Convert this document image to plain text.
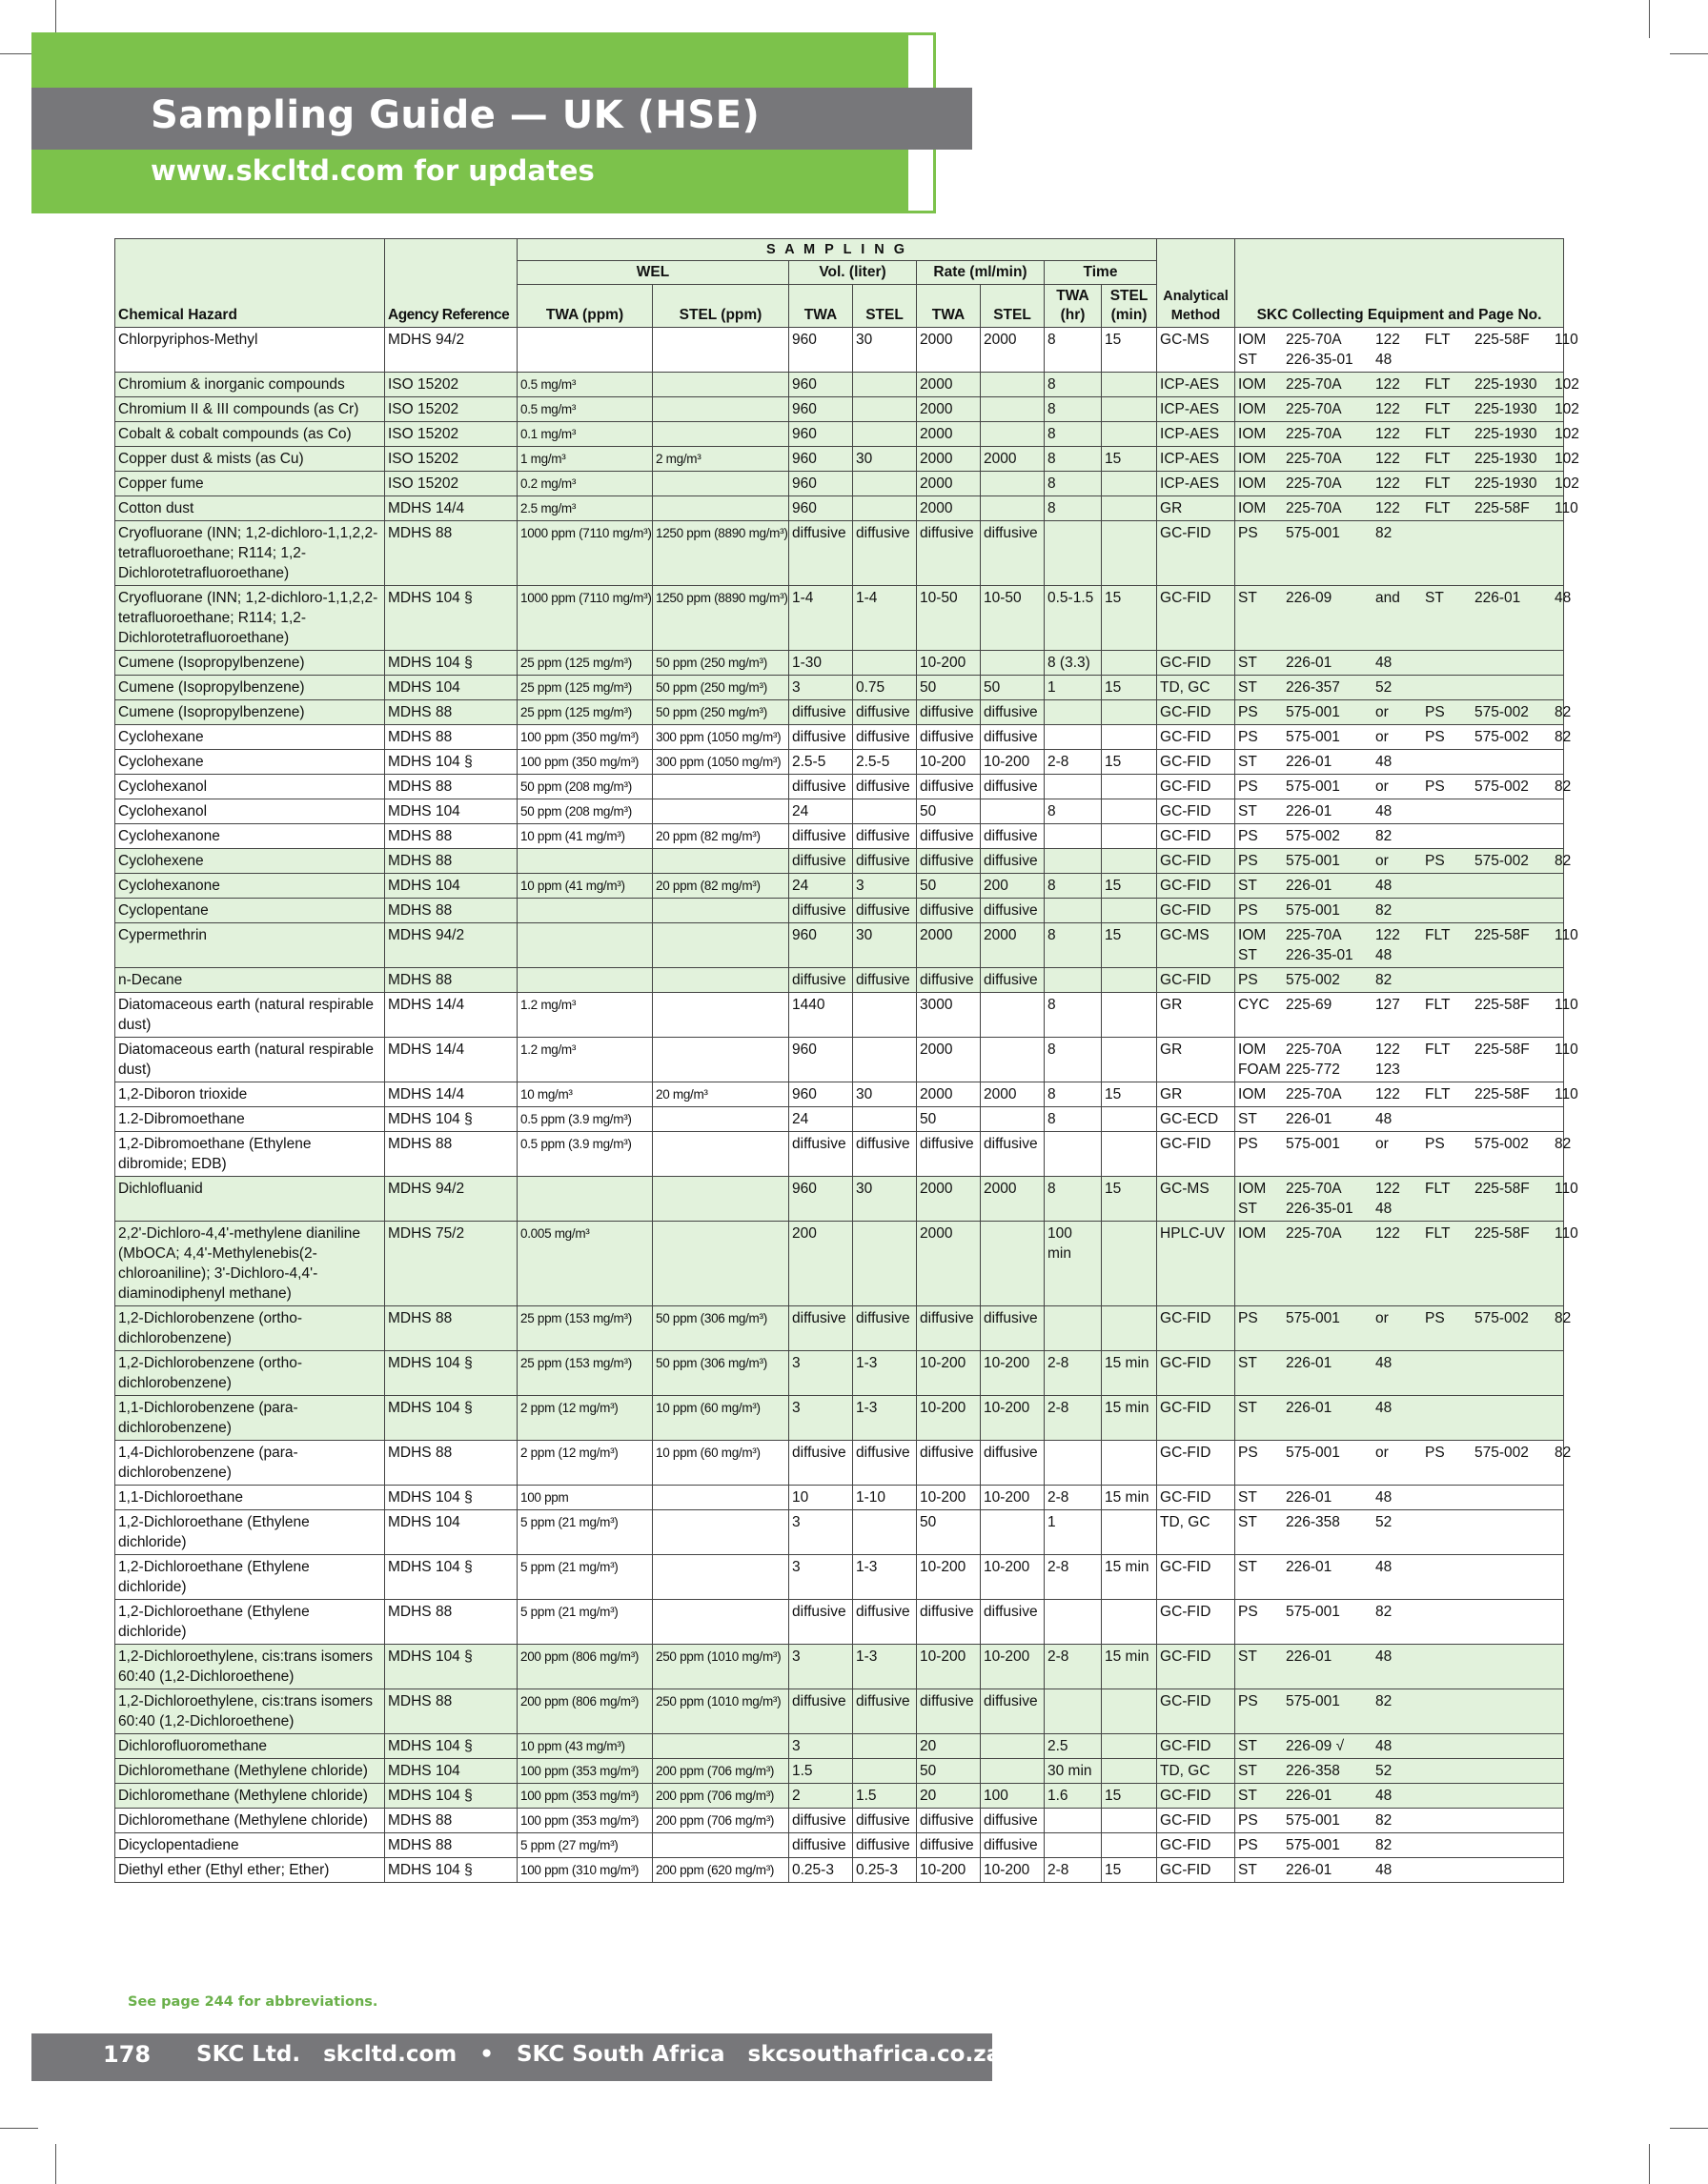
Sampling Guide — UK (HSE)
www.skcltd.com for updates
Chemical Hazard	Agency Reference	S A M P L I N G								Analytical Method	SKC Collecting Equipment and Page No.
		WEL		Vol. (liter)		Rate (ml/min)		Time			
								TWA (hr)	STEL (min)		
		TWA (ppm)	STEL (ppm)	TWA	STEL	TWA	STEL				
Chlorpyriphos-Methyl	MDHS 94/2			960	30	2000	2000	8	15	GC-MS	IOM 225-70A 122 FLT 225-58F 110
ST 226-35-01 48

Chromium & inorganic compounds	ISO 15202	0.5 mg/m³		960		2000		8		ICP-AES	IOM 225-70A 122 FLT 225-1930 102

Chromium II & III compounds (as Cr)	ISO 15202	0.5 mg/m³		960		2000		8		ICP-AES	IOM 225-70A 122 FLT 225-1930 102

Cobalt & cobalt compounds (as Co)	ISO 15202	0.1 mg/m³		960		2000		8		ICP-AES	IOM 225-70A 122 FLT 225-1930 102

Copper dust & mists (as Cu)	ISO 15202	1 mg/m³	2 mg/m³	960	30	2000	2000	8	15	ICP-AES	IOM 225-70A 122 FLT 225-1930 102

Copper fume	ISO 15202	0.2 mg/m³		960		2000		8		ICP-AES	IOM 225-70A 122 FLT 225-1930 102

Cotton dust	MDHS 14/4	2.5 mg/m³		960		2000		8		GR	IOM 225-70A 122 FLT 225-58F 110

Cryofluorane (INN; 1,2-dichloro-1,1,2,2-tetrafluoroethane; R114; 1,2-Dichlorotetrafluoroethane)	MDHS 88	1000 ppm (7110 mg/m³)	1250 ppm (8890 mg/m³)	diffusive	diffusive	diffusive	diffusive			GC-FID	PS 575-001 82

Cryofluorane (INN; 1,2-dichloro-1,1,2,2-tetrafluoroethane; R114; 1,2-Dichlorotetrafluoroethane)	MDHS 104 §	1000 ppm (7110 mg/m³)	1250 ppm (8890 mg/m³)	1-4	1-4	10-50	10-50	0.5-1.5	15	GC-FID	ST 226-09 and ST 226-01 48

Cumene (Isopropylbenzene)	MDHS 104 §	25 ppm (125 mg/m³)	50 ppm (250 mg/m³)	1-30		10-200		8 (3.3)		GC-FID	ST 226-01 48

Cumene (Isopropylbenzene)	MDHS 104	25 ppm (125 mg/m³)	50 ppm (250 mg/m³)	3	0.75	50	50	1	15	TD, GC	ST 226-357 52

Cumene (Isopropylbenzene)	MDHS 88	25 ppm (125 mg/m³)	50 ppm (250 mg/m³)	diffusive	diffusive	diffusive	diffusive			GC-FID	PS 575-001 or PS 575-002 82

Cyclohexane	MDHS 88	100 ppm (350 mg/m³)	300 ppm (1050 mg/m³)	diffusive	diffusive	diffusive	diffusive			GC-FID	PS 575-001 or PS 575-002 82

Cyclohexane	MDHS 104 §	100 ppm (350 mg/m³)	300 ppm (1050 mg/m³)	2.5-5	2.5-5	10-200	10-200	2-8	15	GC-FID	ST 226-01 48

Cyclohexanol	MDHS 88	50 ppm (208 mg/m³)		diffusive	diffusive	diffusive	diffusive			GC-FID	PS 575-001 or PS 575-002 82

Cyclohexanol	MDHS 104	50 ppm (208 mg/m³)		24		50		8		GC-FID	ST 226-01 48

Cyclohexanone	MDHS 88	10 ppm (41 mg/m³)	20 ppm (82 mg/m³)	diffusive	diffusive	diffusive	diffusive			GC-FID	PS 575-002 82

Cyclohexene	MDHS 88			diffusive	diffusive	diffusive	diffusive			GC-FID	PS 575-001 or PS 575-002 82

Cyclohexanone	MDHS 104	10 ppm (41 mg/m³)	20 ppm (82 mg/m³)	24	3	50	200	8	15	GC-FID	ST 226-01 48

Cyclopentane	MDHS 88			diffusive	diffusive	diffusive	diffusive			GC-FID	PS 575-001 82

Cypermethrin	MDHS 94/2			960	30	2000	2000	8	15	GC-MS	IOM 225-70A 122 FLT 225-58F 110
ST 226-35-01 48

n-Decane	MDHS 88			diffusive	diffusive	diffusive	diffusive			GC-FID	PS 575-002 82

Diatomaceous earth (natural respirable dust)	MDHS 14/4	1.2 mg/m³		1440		3000		8		GR	CYC 225-69 127 FLT 225-58F 110

Diatomaceous earth (natural respirable dust)	MDHS 14/4	1.2 mg/m³		960		2000		8		GR	IOM 225-70A 122 FLT 225-58F 110
FOAM 225-772 123

1,2-Diboron trioxide	MDHS 14/4	10 mg/m³	20 mg/m³	960	30	2000	2000	8	15	GR	IOM 225-70A 122 FLT 225-58F 110

1.2-Dibromoethane	MDHS 104 §	0.5 ppm (3.9 mg/m³)		24		50		8		GC-ECD	ST 226-01 48

1,2-Dibromoethane (Ethylene dibromide; EDB)	MDHS 88	0.5 ppm (3.9 mg/m³)		diffusive	diffusive	diffusive	diffusive			GC-FID	PS 575-001 or PS 575-002 82

Dichlofluanid	MDHS 94/2			960	30	2000	2000	8	15	GC-MS	IOM 225-70A 122 FLT 225-58F 110
ST 226-35-01 48

2,2'-Dichloro-4,4'-methylene dianiline (MbOCA; 4,4'-Methylenebis(2-chloroaniline); 3'-Dichloro-4,4'-diaminodiphenyl methane)	MDHS 75/2	0.005 mg/m³		200		2000		100 min		HPLC-UV	IOM 225-70A 122 FLT 225-58F 110

1,2-Dichlorobenzene (ortho-dichlorobenzene)	MDHS 88	25 ppm (153 mg/m³)	50 ppm (306 mg/m³)	diffusive	diffusive	diffusive	diffusive			GC-FID	PS 575-001 or PS 575-002 82

1,2-Dichlorobenzene (ortho-dichlorobenzene)	MDHS 104 §	25 ppm (153 mg/m³)	50 ppm (306 mg/m³)	3	1-3	10-200	10-200	2-8	15 min	GC-FID	ST 226-01 48

1,1-Dichlorobenzene (para-dichlorobenzene)	MDHS 104 §	2 ppm (12 mg/m³)	10 ppm (60 mg/m³)	3	1-3	10-200	10-200	2-8	15 min	GC-FID	ST 226-01 48

1,4-Dichlorobenzene (para-dichlorobenzene)	MDHS 88	2 ppm (12 mg/m³)	10 ppm (60 mg/m³)	diffusive	diffusive	diffusive	diffusive			GC-FID	PS 575-001 or PS 575-002 82

1,1-Dichloroethane	MDHS 104 §	100 ppm		10	1-10	10-200	10-200	2-8	15 min	GC-FID	ST 226-01 48

1,2-Dichloroethane (Ethylene dichloride)	MDHS 104	5 ppm (21 mg/m³)		3		50		1		TD, GC	ST 226-358 52

1,2-Dichloroethane (Ethylene dichloride)	MDHS 104 §	5 ppm (21 mg/m³)		3	1-3	10-200	10-200	2-8	15 min	GC-FID	ST 226-01 48

1,2-Dichloroethane (Ethylene dichloride)	MDHS 88	5 ppm (21 mg/m³)		diffusive	diffusive	diffusive	diffusive			GC-FID	PS 575-001 82

1,2-Dichloroethylene, cis:trans isomers 60:40 (1,2-Dichloroethene)	MDHS 104 §	200 ppm (806 mg/m³)	250 ppm (1010 mg/m³)	3	1-3	10-200	10-200	2-8	15 min	GC-FID	ST 226-01 48

1,2-Dichloroethylene, cis:trans isomers 60:40 (1,2-Dichloroethene)	MDHS 88	200 ppm (806 mg/m³)	250 ppm (1010 mg/m³)	diffusive	diffusive	diffusive	diffusive			GC-FID	PS 575-001 82

Dichlorofluoromethane	MDHS 104 §	10 ppm (43 mg/m³)		3		20		2.5		GC-FID	ST 226-09 √ 48

Dichloromethane (Methylene chloride)	MDHS 104	100 ppm (353 mg/m³)	200 ppm (706 mg/m³)	1.5		50		30 min		TD, GC	ST 226-358 52

Dichloromethane (Methylene chloride)	MDHS 104 §	100 ppm (353 mg/m³)	200 ppm (706 mg/m³)	2	1.5	20	100	1.6	15	GC-FID	ST 226-01 48

Dichloromethane (Methylene chloride)	MDHS 88	100 ppm (353 mg/m³)	200 ppm (706 mg/m³)	diffusive	diffusive	diffusive	diffusive			GC-FID	PS 575-001 82

Dicyclopentadiene	MDHS 88	5 ppm (27 mg/m³)		diffusive	diffusive	diffusive	diffusive			GC-FID	PS 575-001 82

Diethyl ether (Ethyl ether; Ether)	MDHS 104 §	100 ppm (310 mg/m³)	200 ppm (620 mg/m³)	0.25-3	0.25-3	10-200	10-200	2-8	15	GC-FID	ST 226-01 48
See page 244 for abbreviations.
178 SKC Ltd.   skcltd.com   •   SKC South Africa   skcsouthafrica.co.za
